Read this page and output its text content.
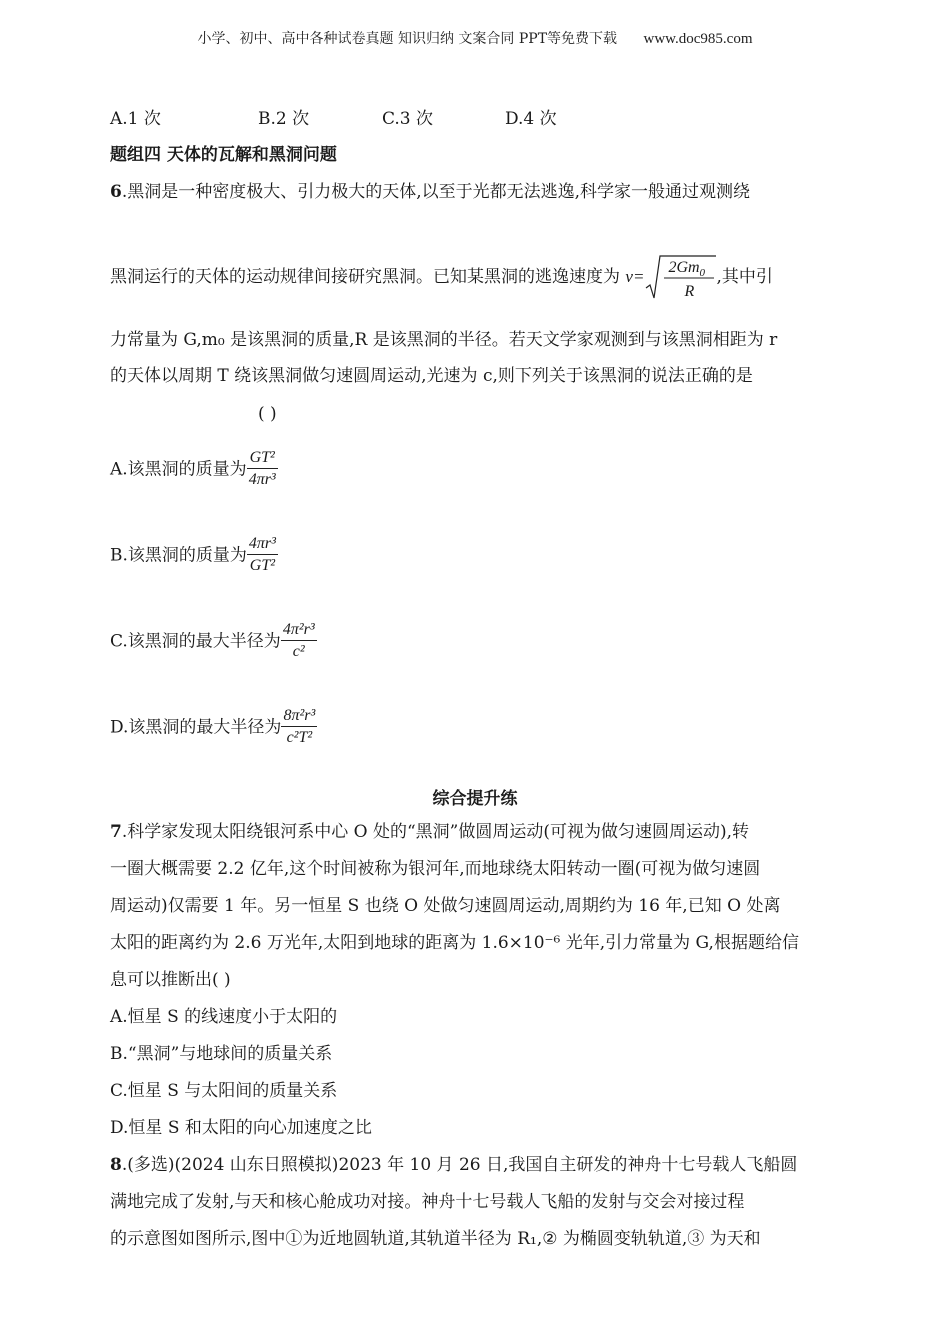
小学、初中、高中各种试卷真题 知识归纳 文案合同 PPT等免费下载 www.doc985.com
A.1 次	B.2 次	C.3 次	D.4 次
题组四 天体的瓦解和黑洞问题
6.黑洞是一种密度极大、引力极大的天体,以至于光都无法逃逸,科学家一般通过观测绕
黑洞运行的天体的运动规律间接研究黑洞。已知某黑洞的逃逸速度为 $v= 2Gm_0$
R
,其中引
力常量为 G,m₀ 是该黑洞的质量,R 是该黑洞的半径。若天文学家观测到与该黑洞相距为 r
的天体以周期 T 绕该黑洞做匀速圆周运动,光速为 c,则下列关于该黑洞的说法正确的是
( )
A.该黑洞的质量为 $\frac{\text{GT²}}{\text{4πr³}}$
B.该黑洞的质量为 $\frac{\text{4πr³}}{\text{GT²}}$
C.该黑洞的最大半径为 $\frac{\text{4π²r³}}{\text{c²}}$
D.该黑洞的最大半径为 $\frac{\text{8π²r³}}{\text{c²T²}}$
综合提升练
7.科学家发现太阳绕银河系中心 O 处的“黑洞”做圆周运动(可视为做匀速圆周运动),转
一圈大概需要 2.2 亿年,这个时间被称为银河年,而地球绕太阳转动一圈(可视为做匀速圆
周运动)仅需要 1 年。另一恒星 S 也绕 O 处做匀速圆周运动,周期约为 16 年,已知 O 处离
太阳的距离约为 2.6 万光年,太阳到地球的距离为 1.6×10⁻⁶ 光年,引力常量为 G,根据题给信
息可以推断出( )
A.恒星 S 的线速度小于太阳的
B.“黑洞”与地球间的质量关系
C.恒星 S 与太阳间的质量关系
D.恒星 S 和太阳的向心加速度之比
8.(多选)(2024 山东日照模拟)2023 年 10 月 26 日,我国自主研发的神舟十七号载人飞船圆
满地完成了发射,与天和核心舱成功对接。神舟十七号载人飞船的发射与交会对接过程
的示意图如图所示,图中①为近地圆轨道,其轨道半径为 R₁,② 为椭圆变轨轨道,③ 为天和
